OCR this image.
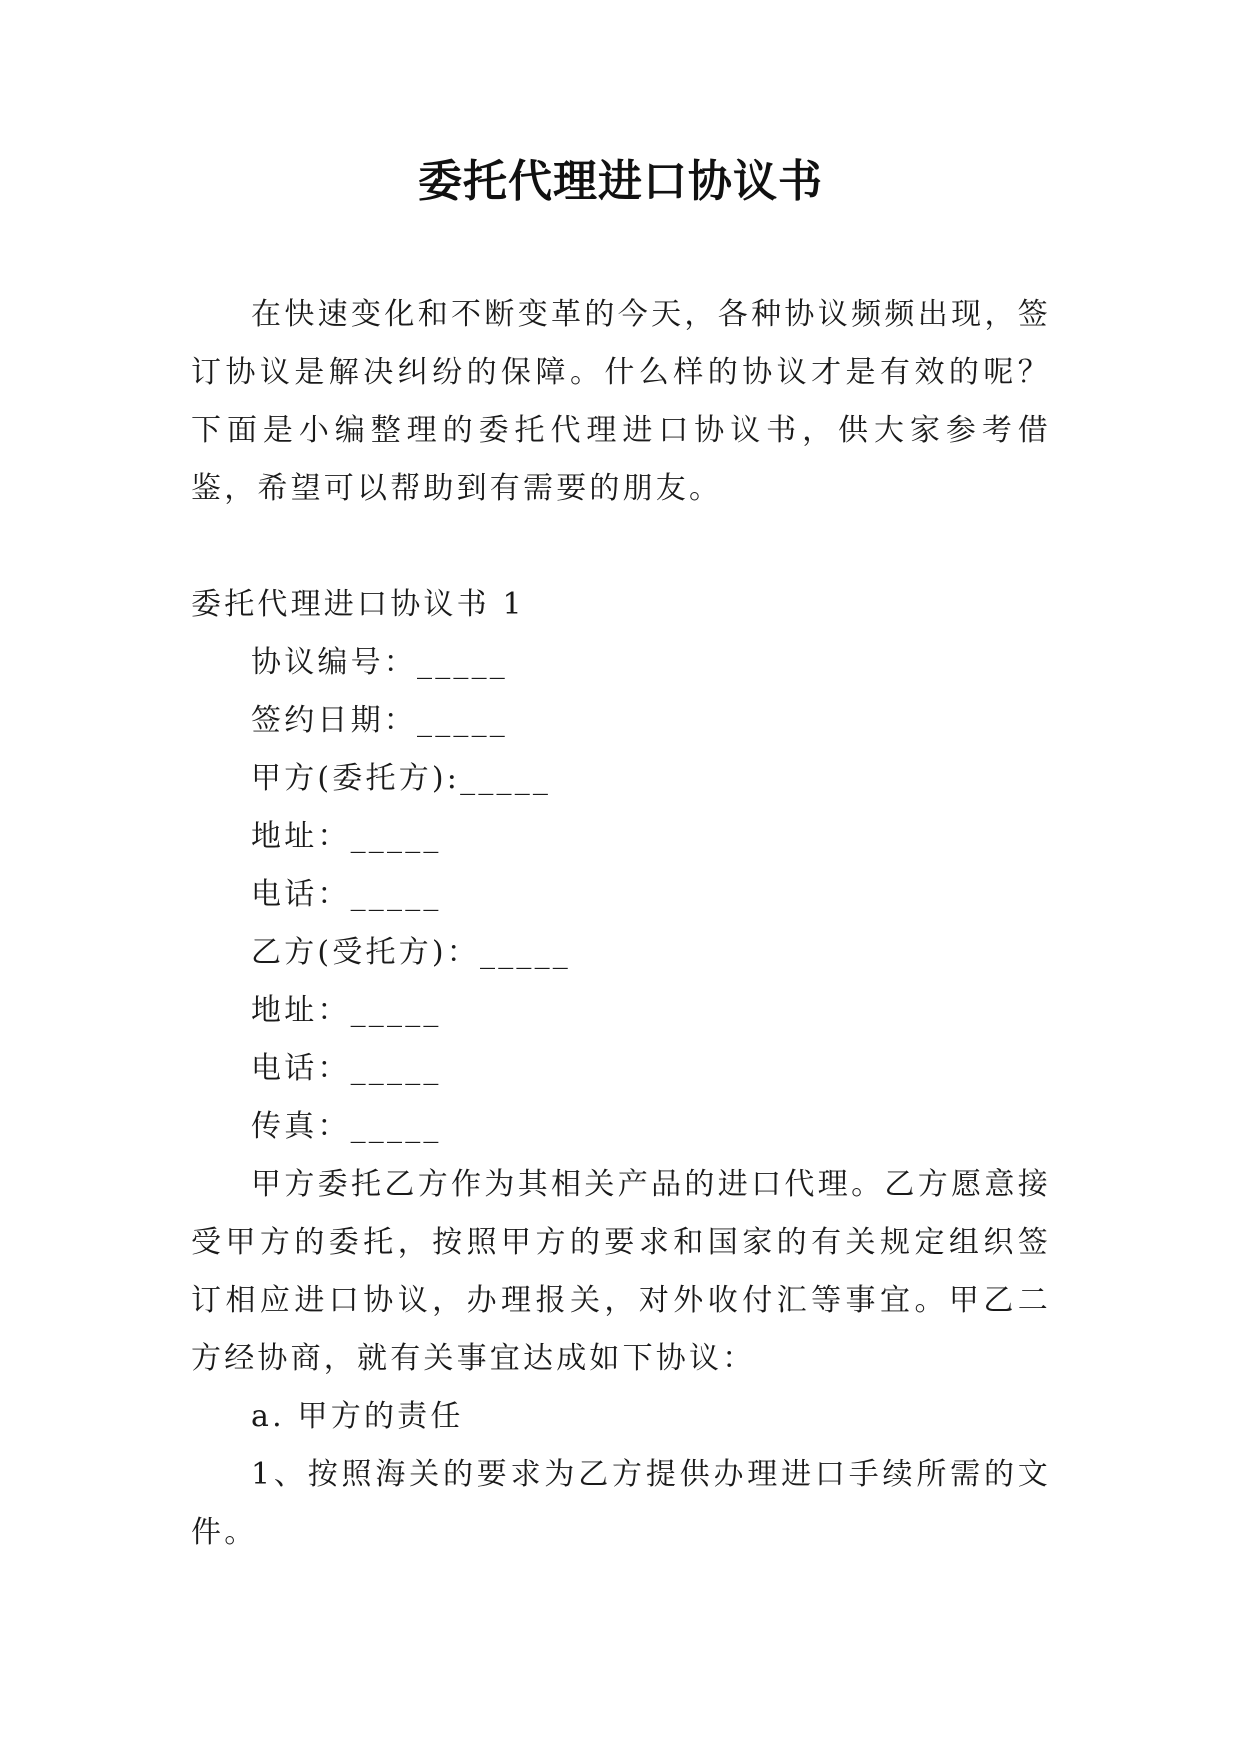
委托代理进口协议书

在快速变化和不断变革的今天，各种协议频频出现，签订协议是解决纠纷的保障。什么样的协议才是有效的呢？下面是小编整理的委托代理进口协议书，供大家参考借鉴，希望可以帮助到有需要的朋友。

委托代理进口协议书 1

协议编号：_____

签约日期：_____

甲方(委托方):_____

地址：_____

电话：_____

乙方(受托方)：_____

地址：_____

电话：_____

传真：_____

甲方委托乙方作为其相关产品的进口代理。乙方愿意接受甲方的委托，按照甲方的要求和国家的有关规定组织签订相应进口协议，办理报关，对外收付汇等事宜。甲乙二方经协商，就有关事宜达成如下协议：

a. 甲方的责任

1、按照海关的要求为乙方提供办理进口手续所需的文件。
